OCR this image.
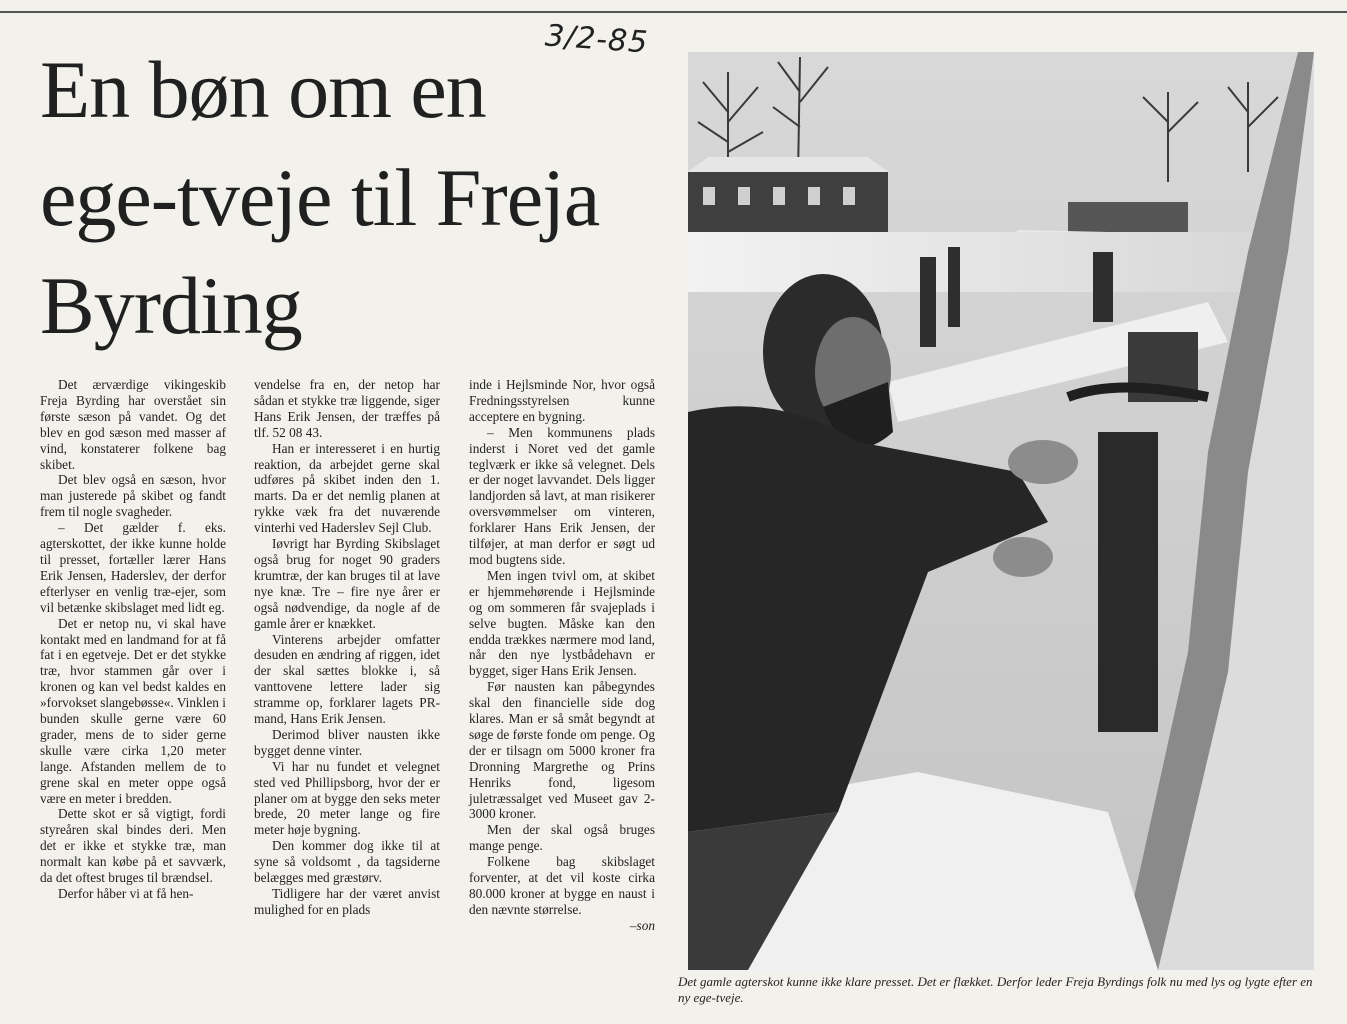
3/2-85
En bøn om en ege-tveje til Freja Byrding

Det ærværdige vikingeskib Freja Byrding har overstået sin første sæson på vandet. Og det blev en god sæson med masser af vind, konstaterer folkene bag skibet.

Det blev også en sæson, hvor man justerede på skibet og fandt frem til nogle svagheder.

– Det gælder f. eks. agterskottet, der ikke kunne holde til presset, fortæller lærer Hans Erik Jensen, Haderslev, der derfor efterlyser en venlig træ-ejer, som vil betænke skibslaget med lidt eg.

Det er netop nu, vi skal have kontakt med en landmand for at få fat i en egetveje. Det er det stykke træ, hvor stammen går over i kronen og kan vel bedst kaldes en »forvokset slangebøsse«. Vinklen i bunden skulle gerne være 60 grader, mens de to sider gerne skulle være cirka 1,20 meter lange. Afstanden mellem de to grene skal en meter oppe også være en meter i bredden.

Dette skot er så vigtigt, fordi styreåren skal bindes deri. Men det er ikke et stykke træ, man normalt kan købe på et savværk, da det oftest bruges til brændsel.

Derfor håber vi at få hen-

vendelse fra en, der netop har sådan et stykke træ liggende, siger Hans Erik Jensen, der træffes på tlf. 52 08 43.

Han er interesseret i en hurtig reaktion, da arbejdet gerne skal udføres på skibet inden den 1. marts. Da er det nemlig planen at rykke væk fra det nuværende vinterhi ved Haderslev Sejl Club.

Iøvrigt har Byrding Skibslaget også brug for noget 90 graders krumtræ, der kan bruges til at lave nye knæ. Tre – fire nye årer er også nødvendige, da nogle af de gamle årer er knækket.

Vinterens arbejder omfatter desuden en ændring af riggen, idet der skal sættes blokke i, så vanttovene lettere lader sig stramme op, forklarer lagets PR-mand, Hans Erik Jensen.

Derimod bliver nausten ikke bygget denne vinter.

Vi har nu fundet et velegnet sted ved Phillipsborg, hvor der er planer om at bygge den seks meter brede, 20 meter lange og fire meter høje bygning.

Den kommer dog ikke til at syne så voldsomt , da tagsiderne belægges med græstørv.

Tidligere har der været anvist mulighed for en plads

inde i Hejlsminde Nor, hvor også Fredningsstyrelsen kunne acceptere en bygning.

– Men kommunens plads inderst i Noret ved det gamle teglværk er ikke så velegnet. Dels er der noget lavvandet. Dels ligger landjorden så lavt, at man risikerer oversvømmelser om vinteren, forklarer Hans Erik Jensen, der tilføjer, at man derfor er søgt ud mod bugtens side.

Men ingen tvivl om, at skibet er hjemmehørende i Hejlsminde og om sommeren får svajeplads i selve bugten. Måske kan den endda trækkes nærmere mod land, når den nye lystbådehavn er bygget, siger Hans Erik Jensen.

Før nausten kan påbegyndes skal den financielle side dog klares. Man er så småt begyndt at søge de første fonde om penge. Og der er tilsagn om 5000 kroner fra Dronning Margrethe og Prins Henriks fond, ligesom juletræssalget ved Museet gav 2-3000 kroner.

Men der skal også bruges mange penge.

Folkene bag skibslaget forventer, at det vil koste cirka 80.000 kroner at bygge en naust i den nævnte størrelse.

–son
Det gamle agterskot kunne ikke klare presset. Det er flækket. Derfor leder Freja Byrdings folk nu med lys og lygte efter en ny ege-tveje.
